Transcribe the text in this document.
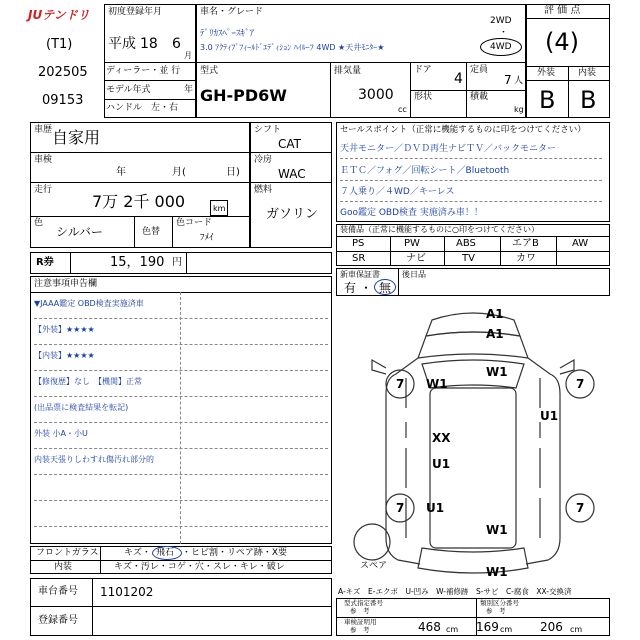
JUテンドリ
(T1)
202505
09153
初度登録年月
平成 18 6
月
ディーラー・並 行
モデル年式	年
ハンドル　左・右
車名・グレード
ﾃﾞﾘｶｽﾍﾟｰｽｷﾞｱ
3.0 ｱｸﾃｨﾌﾞﾌｨｰﾙﾄﾞｴﾃﾞｨｼｮﾝ ﾊｲﾙｰﾌ 4WD ★天井ﾓﾆﾀｰ★
2WD
・
4WD
型式
GH-PD6W
排気量
3000
cc
ドア
4
形状
定員
7 人
積載
kg
評 価 点
(4)
外装	内装
B B
車歴 自家用
車検
年	月(	日)
走行
7万 2千 000	km
色
シルバー	色替
色コード
ﾌﾒｲ
シフト
CAT
冷房
WAC
燃料
ガソリン
R券	15，190 円
セールスポイント（正常に機能するものに印をつけてください）
天井モニター／ＤＶＤ再生ナビＴＶ／バックモニター
ＥＴＣ／フォグ／回転シート／Bluetooth
７人乗り／４WD／キーレス
Goo鑑定 OBD検査 実施済み車！！
装備品（正常に機能するものに○印をつけてください）
PS	PW	ABS	エアB	AW
SR	ナビ	TV	カワ
新車保証書
有 ・ 無
後日品
注意事項申告欄
▼JAAA鑑定 OBD検査実施済車
【外装】★★★★
【内装】★★★★
【修復歴】なし　【機関】正常
(出品票に検査結果を転記)
外装 小A・小U
内装天張りしわすれ傷汚れ部分的
フロントガラス	キズ・ 飛石 ・ヒビ割・リペア跡・X要
内装	キズ・汚レ・コゲ・穴・スレ・キレ・破レ
車台番号 1101202
登録番号
A1
A1
W1
W1
U1
XX
U1
U1
W1
W1
7	7
7	7
スペア
A-キズ　E-エクボ　U-凹み　W-補修跡　S-サビ　C-腐食　XX-交換済
型式指定番号
参　考
類別区分番号
参　考
車検証明用
参　考	468 cm 169 cm 206 cm
